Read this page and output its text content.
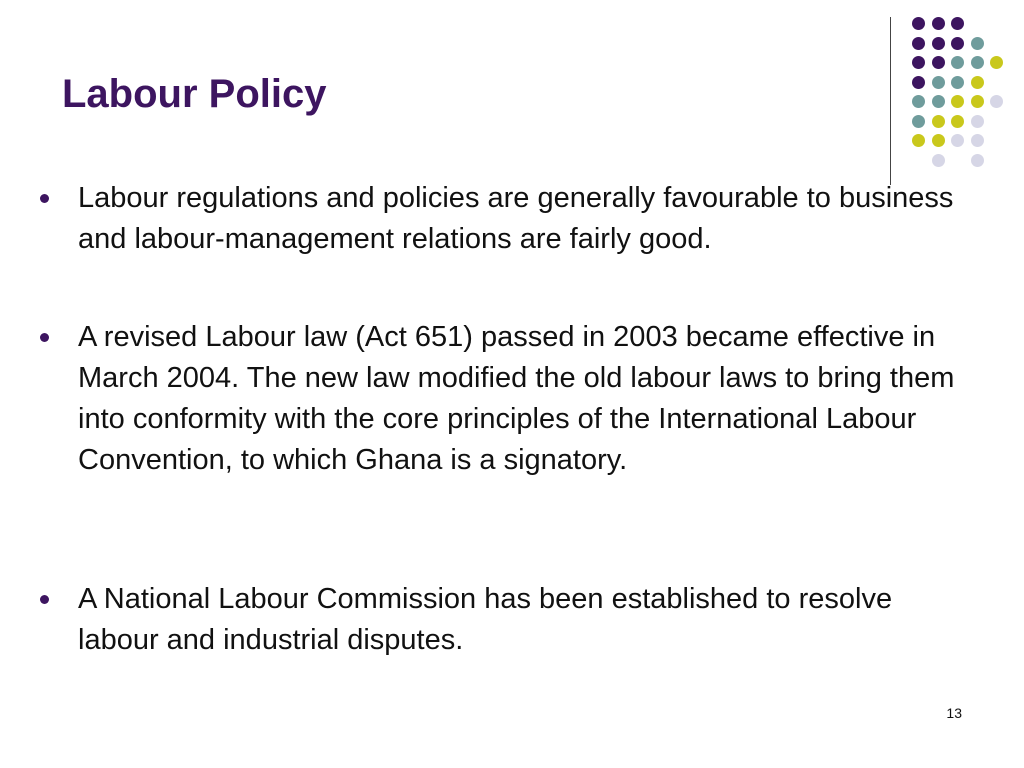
Labour Policy
Labour regulations and policies are generally favourable to business and labour-management relations are fairly good.
A revised Labour law (Act 651) passed in 2003 became effective in March 2004. The new law modified the old labour laws to bring them into conformity with the core principles of the International Labour Convention, to which Ghana is a signatory.
A National Labour Commission has been established to resolve labour and industrial disputes.
13
